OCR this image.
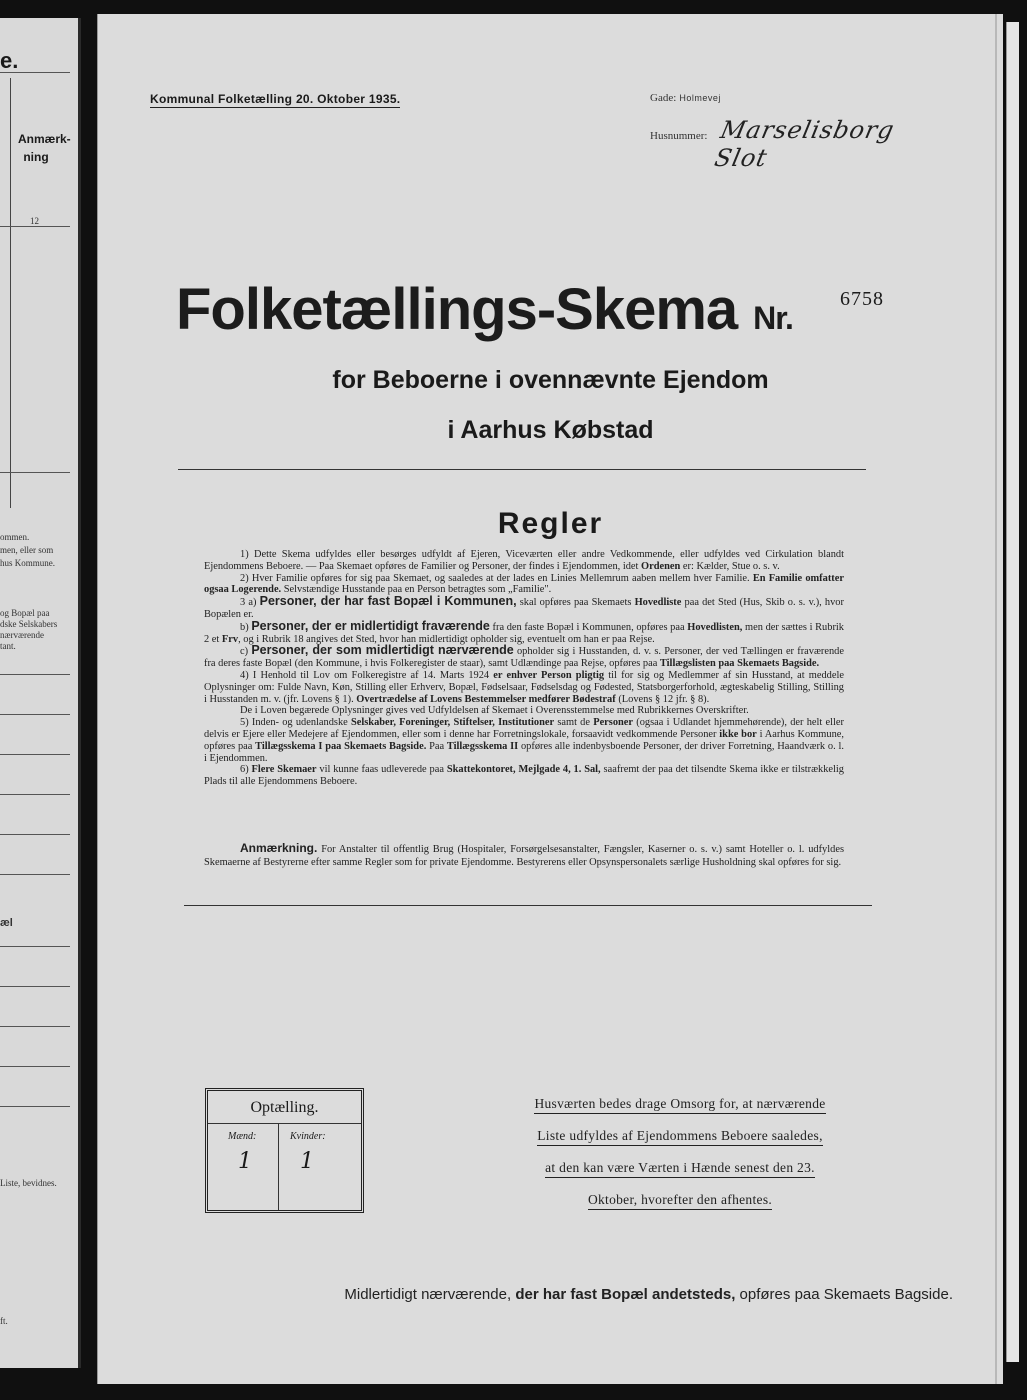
e.
Anmærk-
ning
12
ommen.
men, eller som
hus Kommune.
og Bopæl paa
dske Selskabers
nærværende
tant.
æl
Liste, bevidnes.
ft.
Kommunal Folketælling 20. Oktober 1935.	Gade: Holmevej
Husnummer: Marselisborg Slot
Folketællings-Skema Nr.
6758
for Beboerne i ovennævnte Ejendom
i Aarhus Købstad
Regler

1) Dette Skema udfyldes eller besørges udfyldt af Ejeren, Viceværten eller andre Vedkommende, eller udfyldes ved Cirkulation blandt Ejendommens Beboere. — Paa Skemaet opføres de Familier og Personer, der findes i Ejendommen, idet Ordenen er: Kælder, Stue o. s. v.

2) Hver Familie opføres for sig paa Skemaet, og saaledes at der lades en Linies Mellemrum aaben mellem hver Familie. En Familie omfatter ogsaa Logerende. Selvstændige Husstande paa en Person betragtes som „Familie".

3 a) Personer, der har fast Bopæl i Kommunen, skal opføres paa Skemaets Hovedliste paa det Sted (Hus, Skib o. s. v.), hvor Bopælen er.

b) Personer, der er midlertidigt fraværende fra den faste Bopæl i Kommunen, opføres paa Hovedlisten, men der sættes i Rubrik 2 et Frv, og i Rubrik 18 angives det Sted, hvor han midlertidigt opholder sig, eventuelt om han er paa Rejse.

c) Personer, der som midlertidigt nærværende opholder sig i Husstanden, d. v. s. Personer, der ved Tællingen er fraværende fra deres faste Bopæl (den Kommune, i hvis Folkeregister de staar), samt Udlændinge paa Rejse, opføres paa Tillægslisten paa Skemaets Bagside.

4) I Henhold til Lov om Folkeregistre af 14. Marts 1924 er enhver Person pligtig til for sig og Medlemmer af sin Husstand, at meddele Oplysninger om: Fulde Navn, Køn, Stilling eller Erhverv, Bopæl, Fødselsaar, Fødselsdag og Fødested, Statsborgerforhold, ægteskabelig Stilling, Stilling i Husstanden m. v. (jfr. Lovens § 1). Overtrædelse af Lovens Bestemmelser medfører Bødestraf (Lovens § 12 jfr. § 8).

De i Loven begærede Oplysninger gives ved Udfyldelsen af Skemaet i Overensstemmelse med Rubrikkernes Overskrifter.

5) Inden- og udenlandske Selskaber, Foreninger, Stiftelser, Institutioner samt de Personer (ogsaa i Udlandet hjemmehørende), der helt eller delvis er Ejere eller Medejere af Ejendommen, eller som i denne har Forretningslokale, forsaavidt vedkommende Personer ikke bor i Aarhus Kommune, opføres paa Tillægsskema I paa Skemaets Bagside. Paa Tillægsskema II opføres alle indenbysboende Personer, der driver Forretning, Haandværk o. l. i Ejendommen.

6) Flere Skemaer vil kunne faas udleverede paa Skattekontoret, Mejlgade 4, 1. Sal, saafremt der paa det tilsendte Skema ikke er tilstrækkelig Plads til alle Ejendommens Beboere.

Anmærkning. For Anstalter til offentlig Brug (Hospitaler, Forsørgelsesanstalter, Fængsler, Kaserner o. s. v.) samt Hoteller o. l. udfyldes Skemaerne af Bestyrerne efter samme Regler som for private Ejendomme. Bestyrerens eller Opsynspersonalets særlige Husholdning skal opføres for sig.

Optælling.
Mænd:	Kvinder:
1 1
Husværten bedes drage Omsorg for, at nærværende
Liste udfyldes af Ejendommens Beboere saaledes,
at den kan være Værten i Hænde senest den 23.
Oktober, hvorefter den afhentes.
Midlertidigt nærværende, der har fast Bopæl andetsteds, opføres paa Skemaets Bagside.
